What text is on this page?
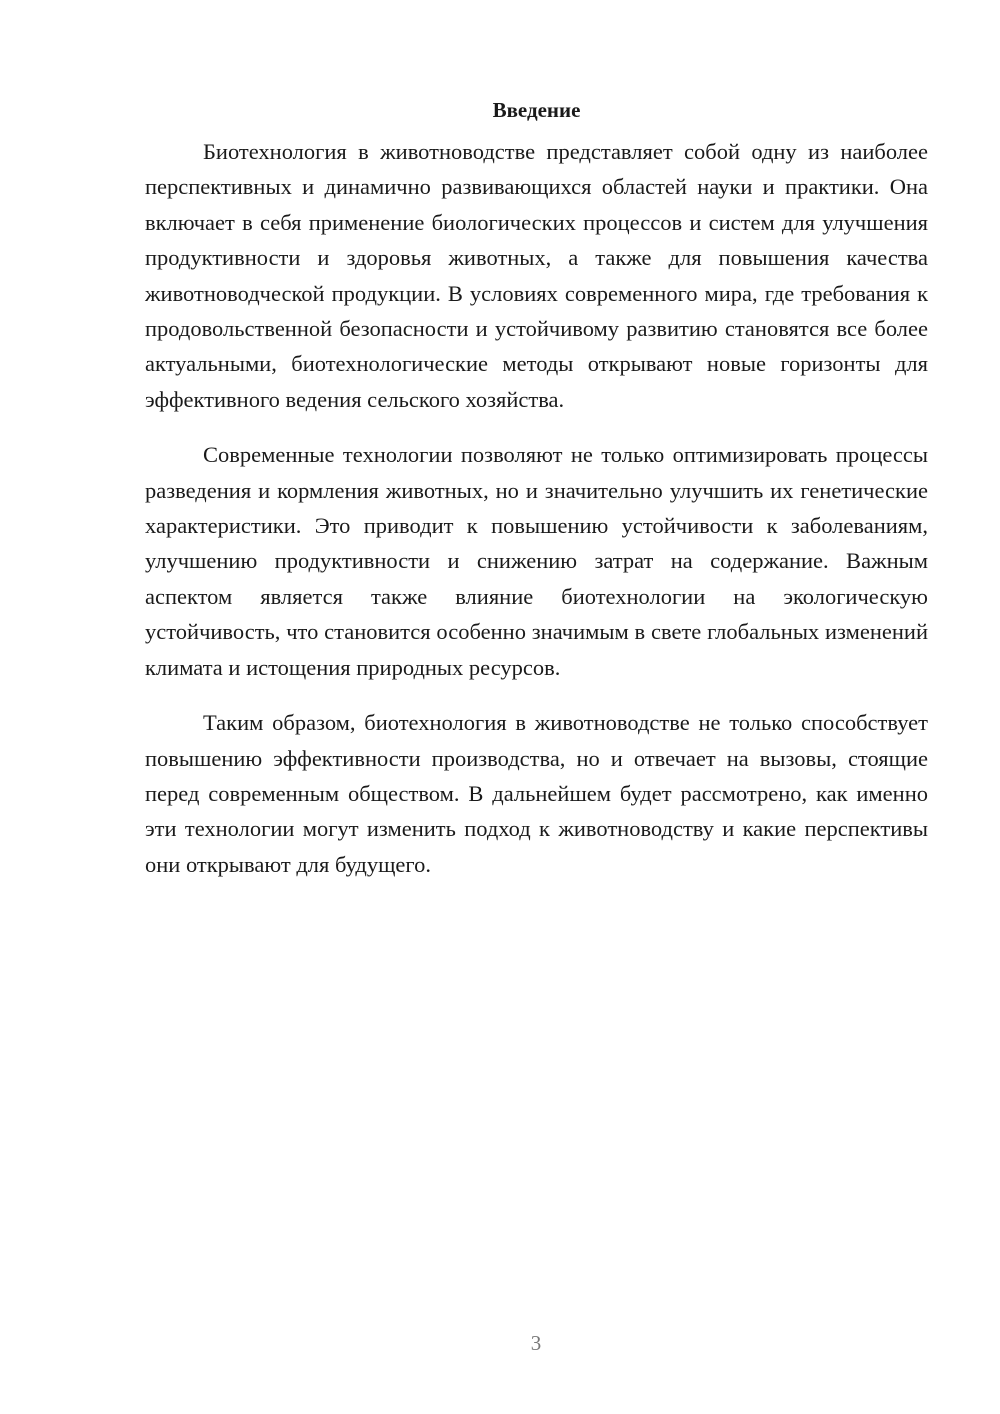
Введение

Биотехнология в животноводстве представляет собой одну из наиболее перспективных и динамично развивающихся областей науки и практики. Она включает в себя применение биологических процессов и систем для улучшения продуктивности и здоровья животных, а также для повышения качества животноводческой продукции. В условиях современного мира, где требования к продовольственной безопасности и устойчивому развитию становятся все более актуальными, биотехнологические методы открывают новые горизонты для эффективного ведения сельского хозяйства.

Современные технологии позволяют не только оптимизировать процессы разведения и кормления животных, но и значительно улучшить их генетические характеристики. Это приводит к повышению устойчивости к заболеваниям, улучшению продуктивности и снижению затрат на содержание. Важным аспектом является также влияние биотехнологии на экологическую устойчивость, что становится особенно значимым в свете глобальных изменений климата и истощения природных ресурсов.

Таким образом, биотехнология в животноводстве не только способствует повышению эффективности производства, но и отвечает на вызовы, стоящие перед современным обществом. В дальнейшем будет рассмотрено, как именно эти технологии могут изменить подход к животноводству и какие перспективы они открывают для будущего.

3
